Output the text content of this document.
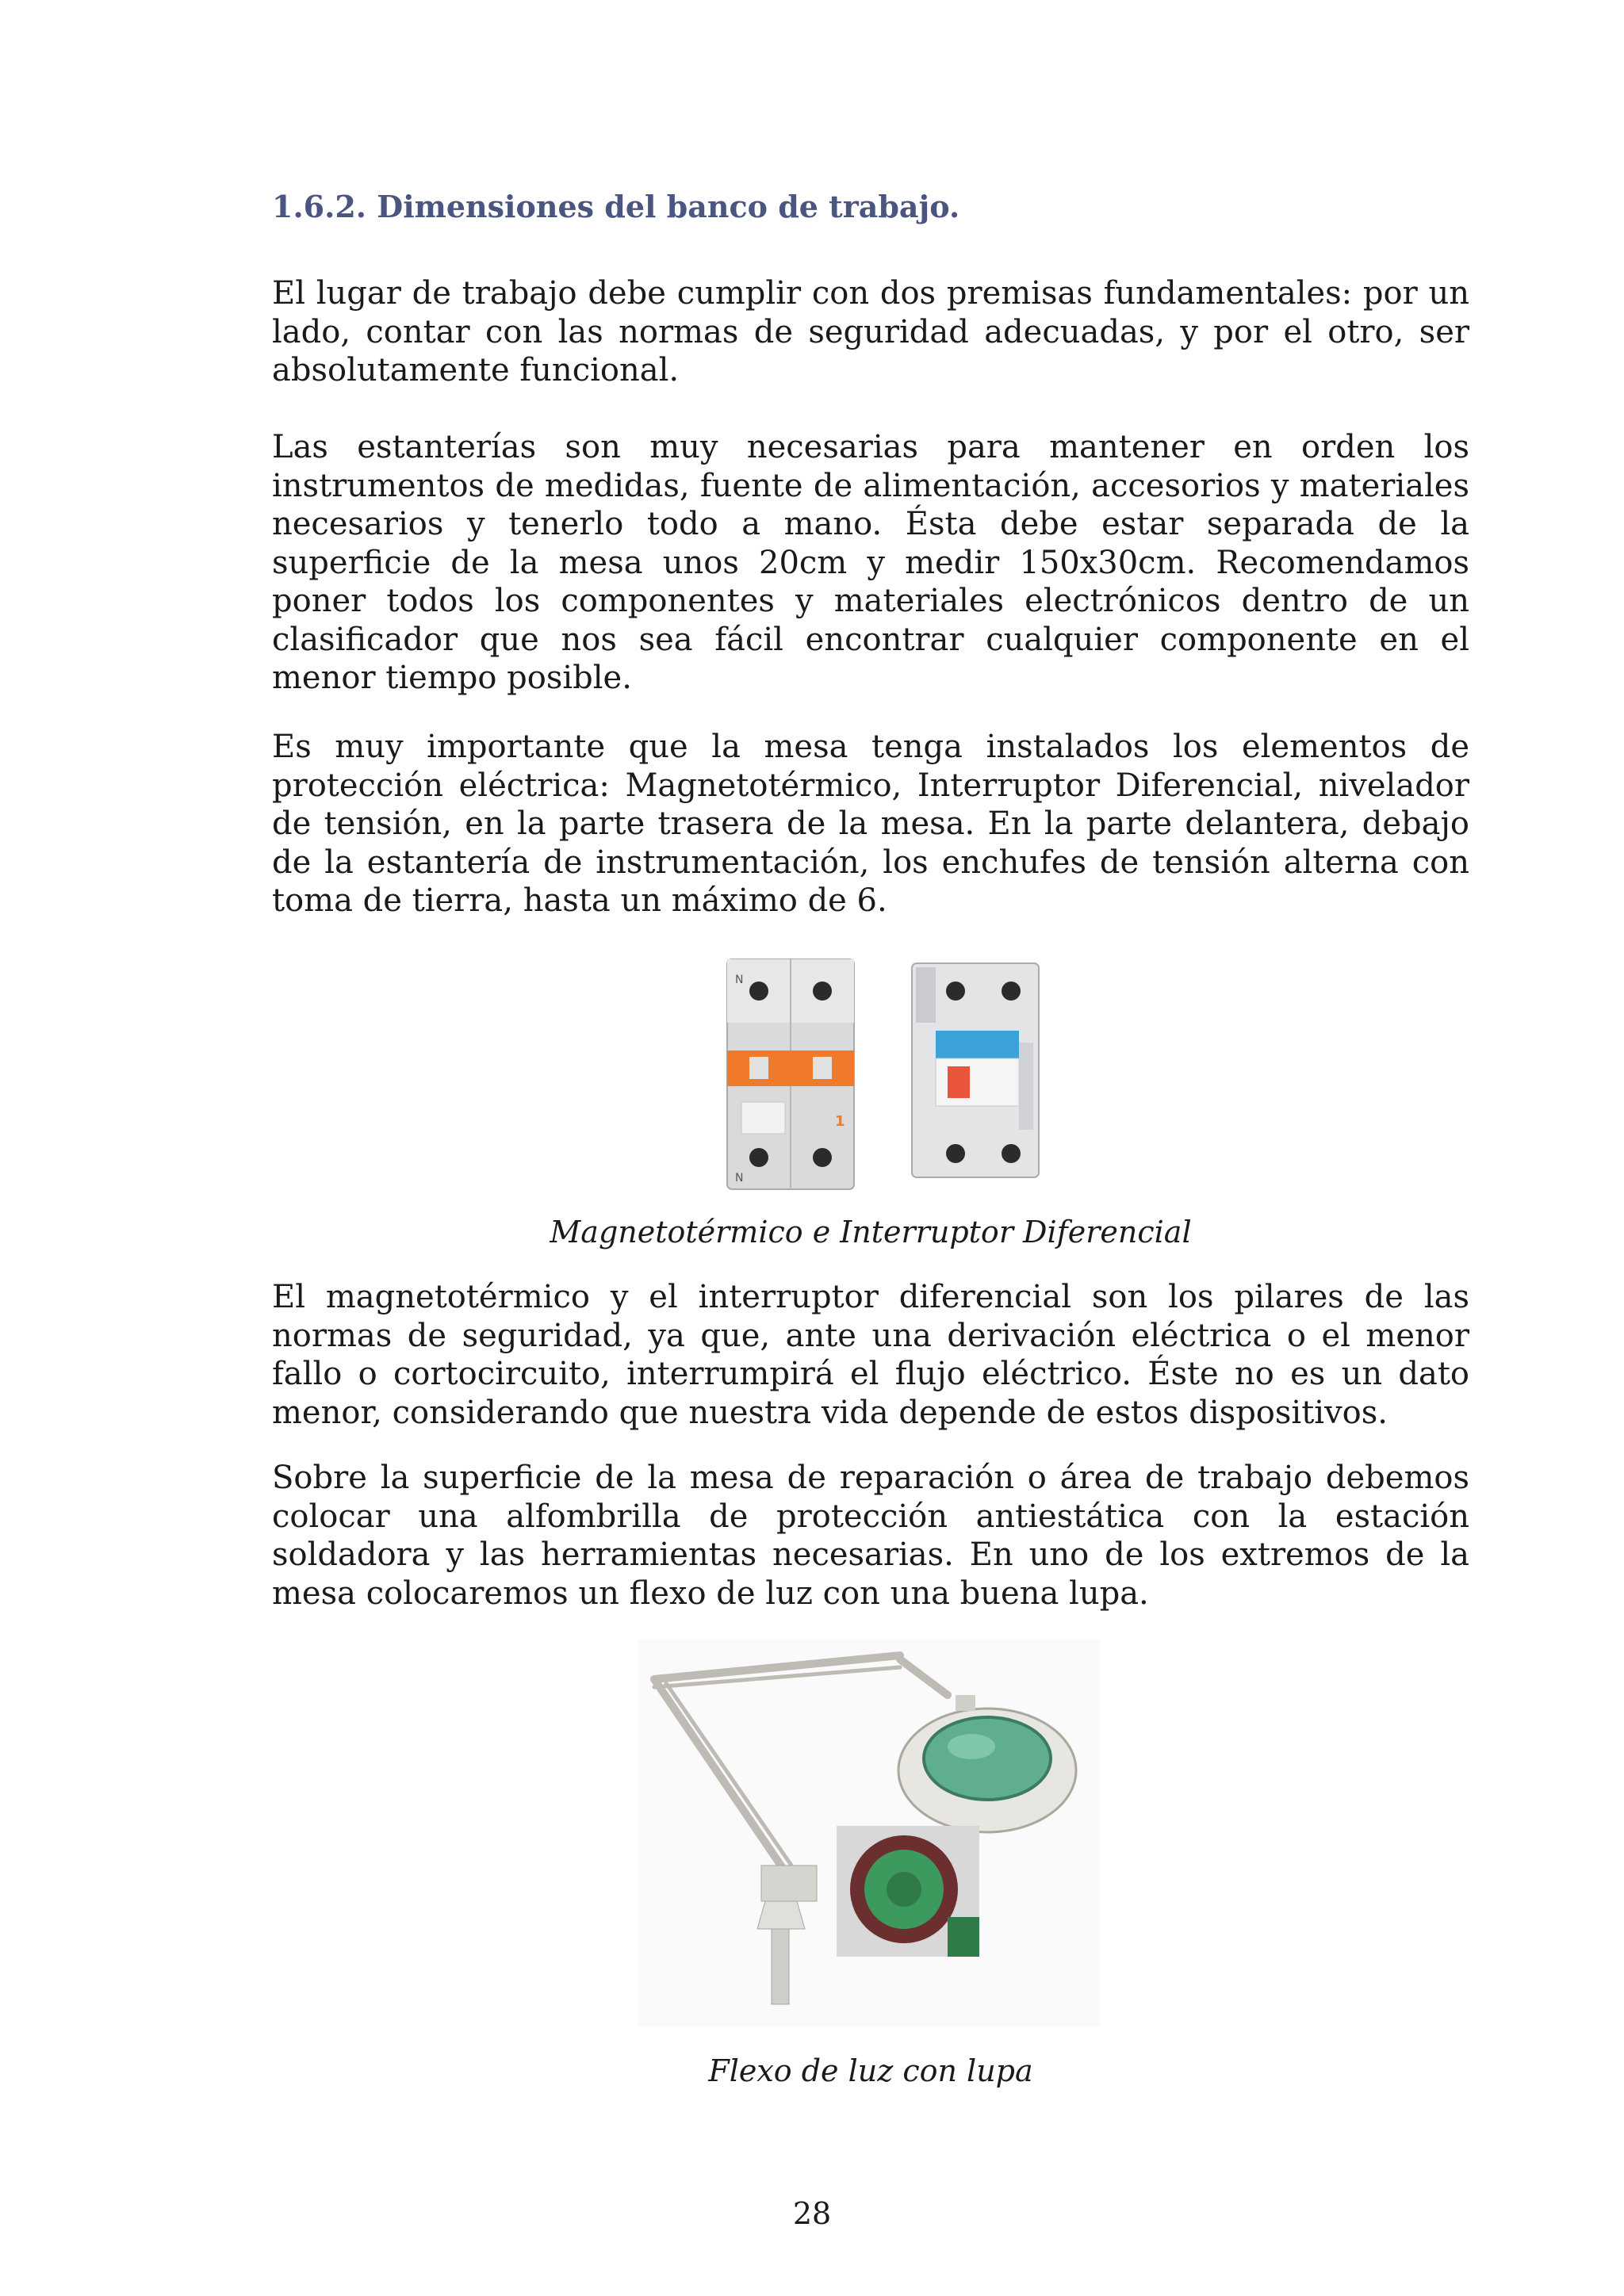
1.6.2. Dimensiones del banco de trabajo.

El lugar de trabajo debe cumplir con dos premisas fundamentales: por un lado, contar con las normas de seguridad adecuadas, y por el otro, ser absolutamente funcional.

Las estanterías son muy necesarias para mantener en orden los instrumentos de medidas, fuente de alimentación, accesorios y materiales necesarios y tenerlo todo a mano. Ésta debe estar separada de la superficie de la mesa unos 20cm y medir 150x30cm. Recomendamos poner todos los componentes y materiales electrónicos dentro de un clasificador que nos sea fácil encontrar cualquier componente en el menor tiempo posible.

Es muy importante que la mesa tenga instalados los elementos de protección eléctrica: Magnetotérmico, Interruptor Diferencial, nivelador de tensión, en la parte trasera de la mesa. En la parte delantera, debajo de la estantería de instrumentación, los enchufes de tensión alterna con toma de tierra, hasta un máximo de 6.

N
1
N

Magnetotérmico e Interruptor Diferencial

El magnetotérmico y el interruptor diferencial son los pilares de las normas de seguridad, ya que, ante una derivación eléctrica o el menor fallo o cortocircuito, interrumpirá el flujo eléctrico. Éste no es un dato menor, considerando que nuestra vida depende de estos dispositivos.

Sobre la superficie de la mesa de reparación o área de trabajo debemos colocar una alfombrilla de protección antiestática con la estación soldadora y las herramientas necesarias. En uno de los extremos de la mesa colocaremos un flexo de luz con una buena lupa.

Flexo de luz con lupa

28
